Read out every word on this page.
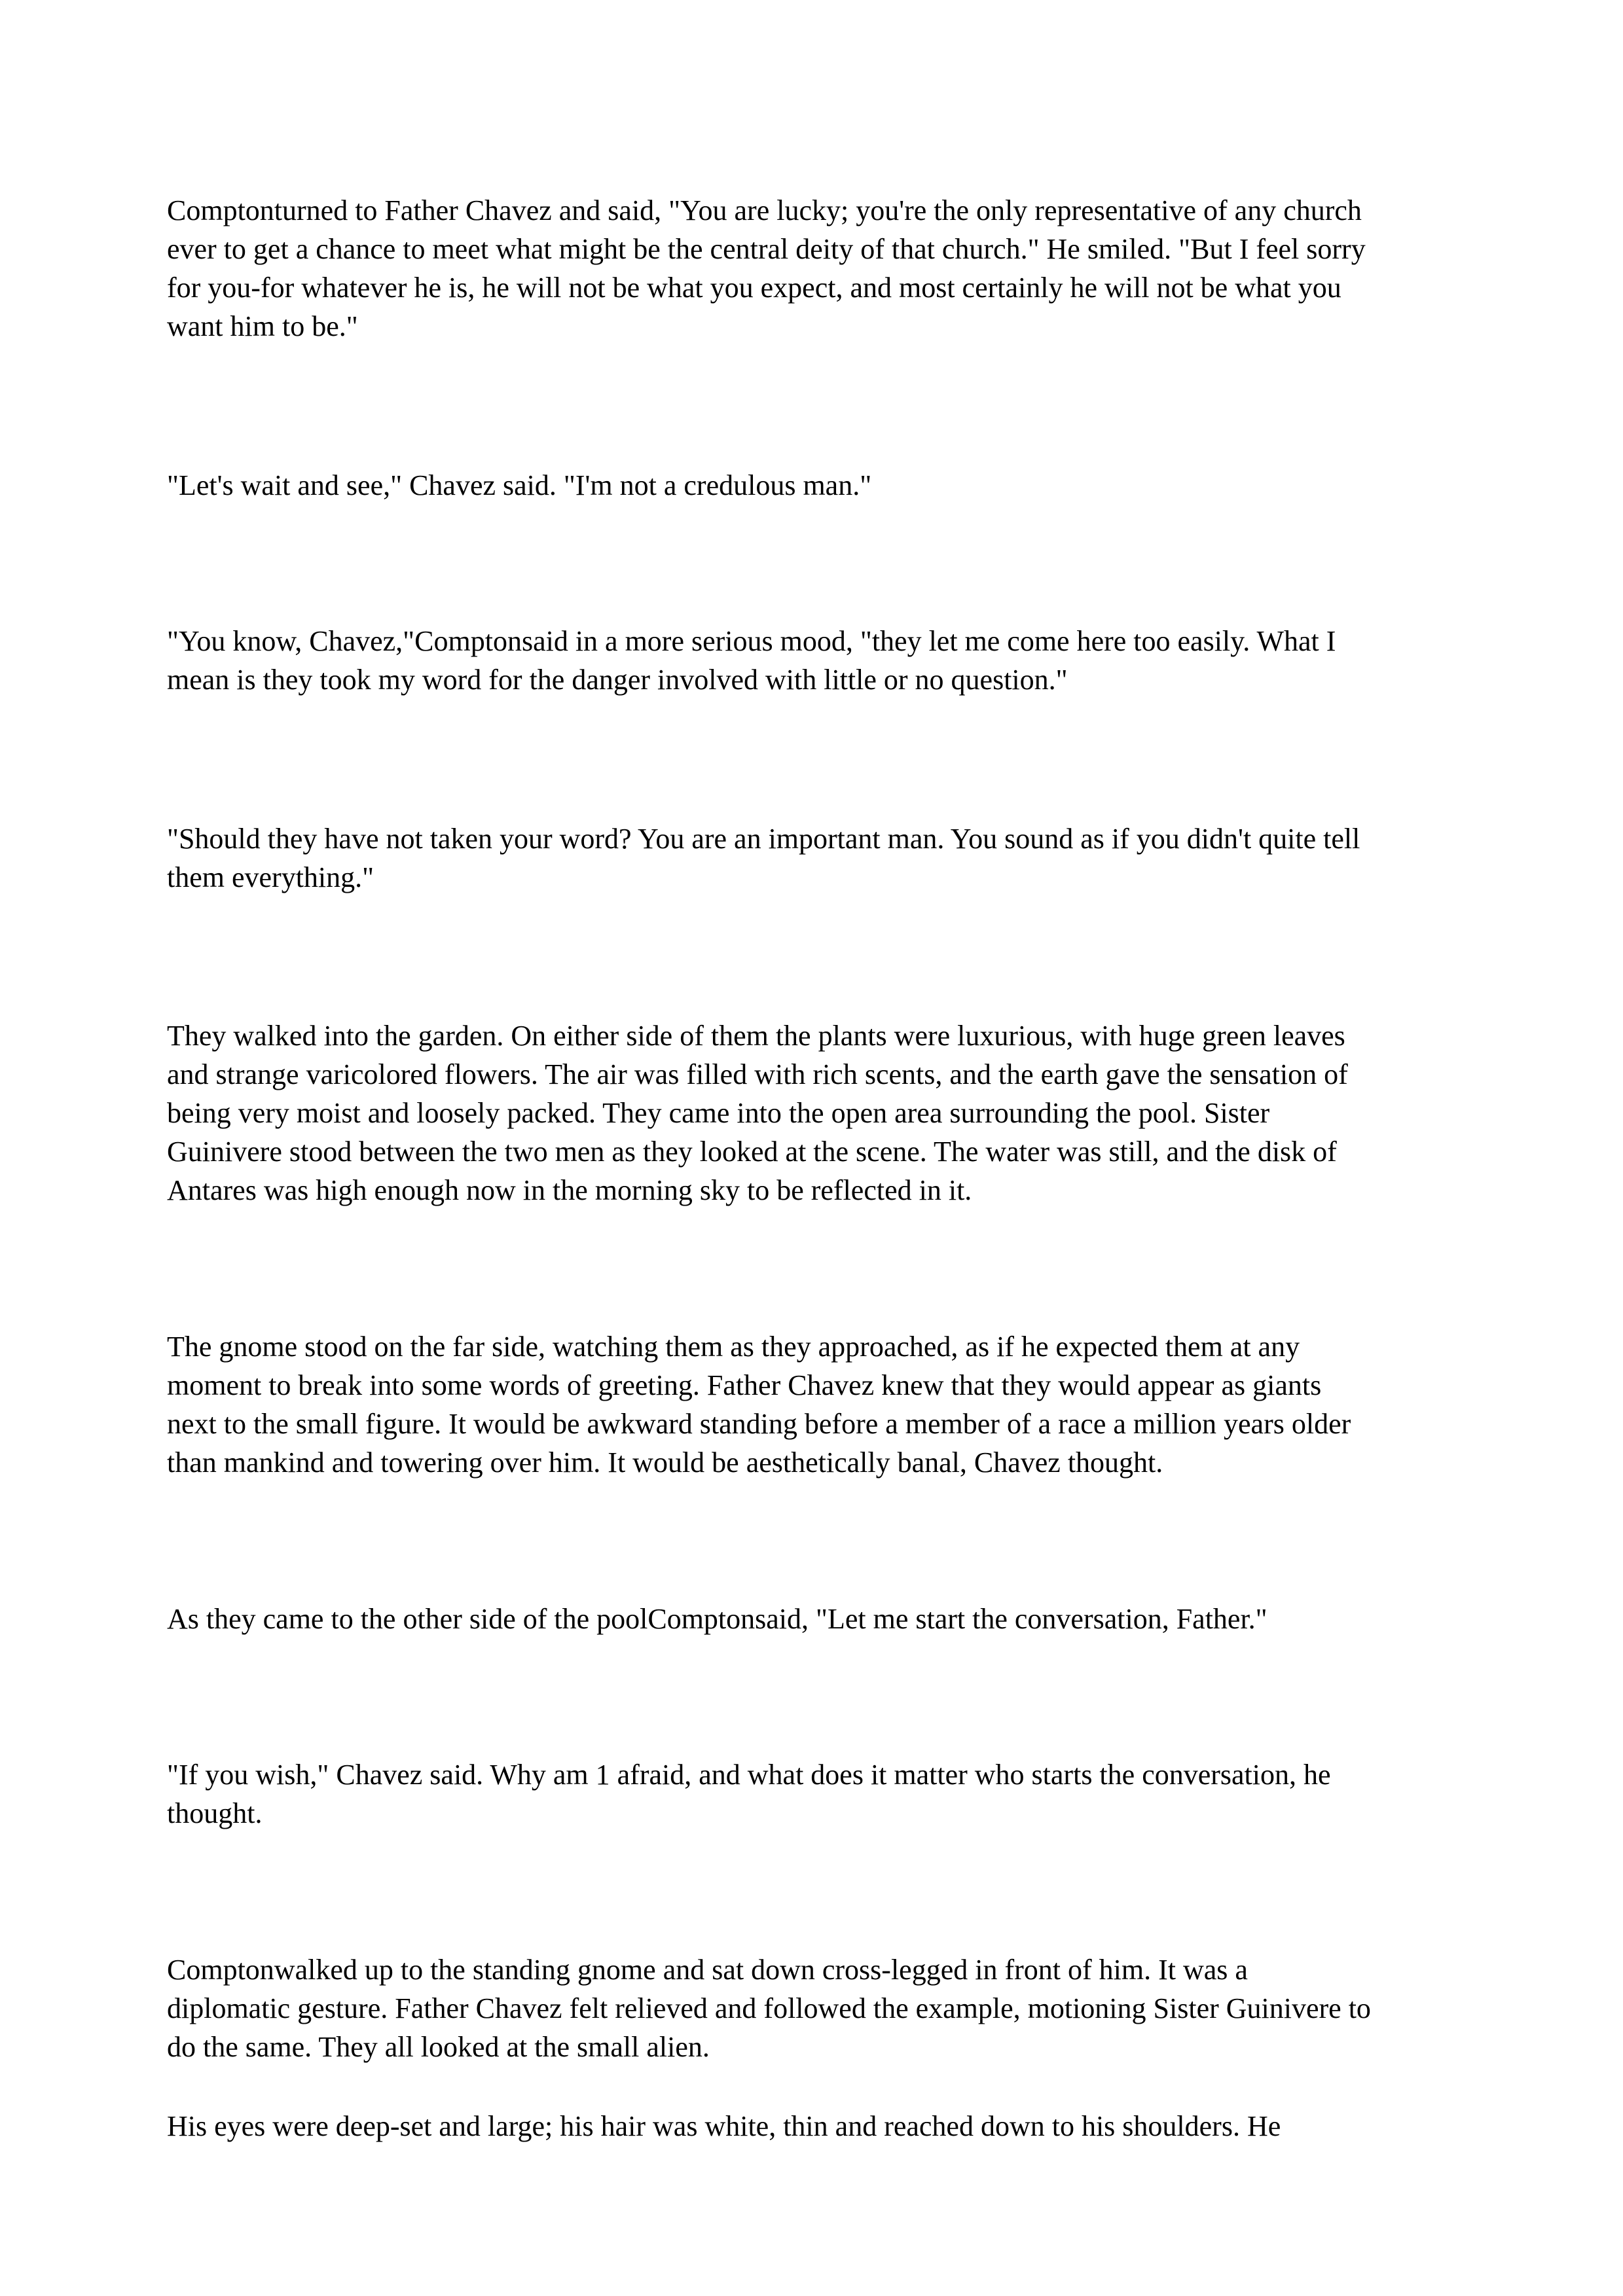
Comptonturned to Father Chavez and said, "You are lucky; you're the only representative of any church
ever to get a chance to meet what might be the central deity of that church." He smiled. "But I feel sorry
for you-for whatever he is, he will not be what you expect, and most certainly he will not be what you
want him to be."

"Let's wait and see," Chavez said. "I'm not a credulous man."

"You know, Chavez,"Comptonsaid in a more serious mood, "they let me come here too easily. What I
mean is they took my word for the danger involved with little or no question."

"Should they have not taken your word? You are an important man. You sound as if you didn't quite tell
them everything."

They walked into the garden. On either side of them the plants were luxurious, with huge green leaves
and strange varicolored flowers. The air was filled with rich scents, and the earth gave the sensation of
being very moist and loosely packed. They came into the open area surrounding the pool. Sister
Guinivere stood between the two men as they looked at the scene. The water was still, and the disk of
Antares was high enough now in the morning sky to be reflected in it.

The gnome stood on the far side, watching them as they approached, as if he expected them at any
moment to break into some words of greeting. Father Chavez knew that they would appear as giants
next to the small figure. It would be awkward standing before a member of a race a million years older
than mankind and towering over him. It would be aesthetically banal, Chavez thought.

As they came to the other side of the poolComptonsaid, "Let me start the conversation, Father."

"If you wish," Chavez said. Why am 1 afraid, and what does it matter who starts the conversation, he
thought.

Comptonwalked up to the standing gnome and sat down cross-legged in front of him. It was a
diplomatic gesture. Father Chavez felt relieved and followed the example, motioning Sister Guinivere to
do the same. They all looked at the small alien.

His eyes were deep-set and large; his hair was white, thin and reached down to his shoulders. He
